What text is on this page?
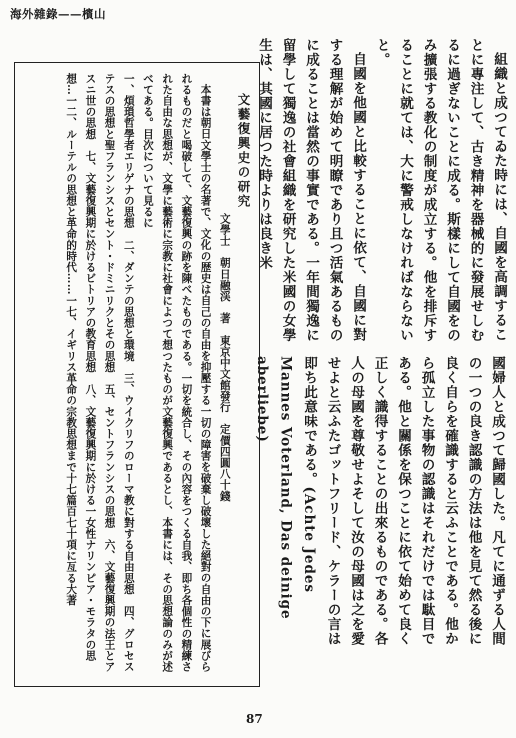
海外雜錄——檳山

組織と成つてゐた時には、自國を高調することに專注して、古き精神を器械的に發展せしむるに過ぎないことに成る。斯樣にして自國をのみ擴張する教化の制度が成立する。他を排斥することに就ては、大に警戒しなければならないと。

自國を他國と比較することに依て、自國に對する理解が始めて明瞭であり且つ活氣あるものに成ることは當然の事實である。一年間獨逸に留學して獨逸の社會組織を研究した米國の女學生は、其國に居つた時よりは良き米

國婦人と成つて歸國した。凡てに通ずる人間の一つの良き認識の方法は他を見て然る後に良く自らを確識すると云ふことである。他から孤立した事物の認識はそれだけでは駄目である。他と關係を保つことに依て始めて良く正しく識得することの出來るものである。各人の母國を尊敬せよそして汝の母國は之を愛せよと云ふたゴットフリード、ケラーの言は即ち此意味である。(Achte Jedes Mannes Voterland, Das deinige aberliebe)

文藝復興史の研究
文學士　朝日融渓　著　東京中文館發行　定價四圓八十錢

本書は朝日文學士の名著で、文化の歴史は自己の自由を抑壓する一切の障害を破棄し破壞した絕對の自由の下に展びられるものだと喝破して、文藝復興の跡を陳べたものである。一切を統合し、その內容をつくる自我、即ち各個性の精練された自由な思想が、文學に藝術に宗教に社會によつて想つたものが文藝復興であるとし、本書には、その思想論のみが述べてある。目次について見るに

一、煩瑣哲學者エリゲナの思想　二、ダンテの思想と環境　三、ウイクリフのローマ教に對する自由思想　四、グロセステスの思想と聖フランシスとセント・ドミニリクとその思想　五、セントフランシスの思想　六、文藝復興期の法王とアスニ世の思想　七、文藝復興期に於けるビトリアの教育思想　八、文藝復興期に於ける一女性ナリンピア・モラタの思想…一二、ルーテルの思想と革命的時代……一七、イギリス革命の宗教思想まで十七篇百七十項に亙る大著

87
